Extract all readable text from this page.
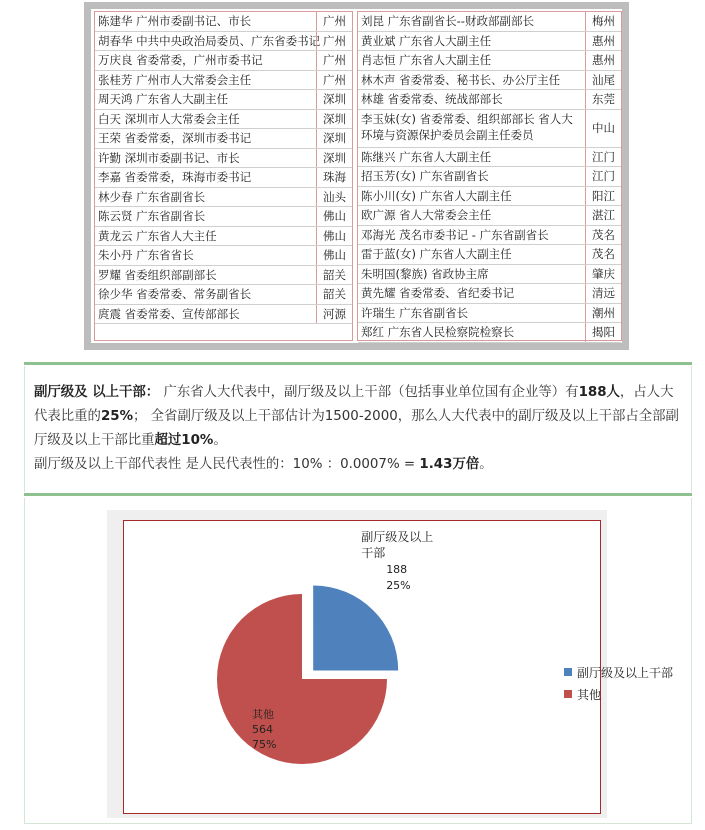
陈建华 广州市委副书记、市长	广州
胡春华 中共中央政治局委员、广东省委书记 广州
万庆良 省委常委，广州市委书记	广州
张桂芳 广州市人大常委会主任	广州
周天鸿 广东省人大副主任	深圳
白天 深圳市人大常委会主任	深圳
王荣 省委常委，深圳市委书记	深圳
许勤 深圳市委副书记、市长	深圳
李嘉 省委常委，珠海市委书记	珠海
林少春 广东省副省长	汕头
陈云贤 广东省副省长	佛山
黄龙云 广东省人大主任	佛山
朱小丹 广东省省长	佛山
罗耀 省委组织部副部长	韶关
徐少华 省委常委、常务副省长	韶关
庹震 省委常委、宣传部部长	河源
刘昆 广东省副省长--财政部副部长	梅州
黄业斌 广东省人大副主任	惠州
肖志恒 广东省人大副主任	惠州
林木声 省委常委、秘书长、办公厅主任	汕尾
林雄 省委常委、统战部部长	东莞
李玉妹(女) 省委常委、组织部部长 省人大环境与资源保护委员会副主任委员	中山
陈继兴 广东省人大副主任	江门
招玉芳(女) 广东省副省长	江门
陈小川(女) 广东省人大副主任	阳江
欧广源 省人大常委会主任	湛江
邓海光 茂名市委书记 - 广东省副省长	茂名
雷于蓝(女) 广东省人大副主任	茂名
朱明国(黎族) 省政协主席	肇庆
黄先耀 省委常委、省纪委书记	清远
许瑞生 广东省副省长	潮州
郑红 广东省人民检察院检察长	揭阳

副厅级及 以上干部： 广东省人大代表中，副厅级及以上干部（包括事业单位国有企业等）有188人，占人大代表比重的25%； 全省副厅级及以上干部估计为1500-2000，那么人大代表中的副厅级及以上干部占全部副厅级及以上干部比重超过10%。

副厅级及以上干部代表性 是人民代表性的：10% ：0.0007% = 1.43万倍。

副厅级及以上干部188 25%
其他 564 75%
副厅级及以上干部
其他
